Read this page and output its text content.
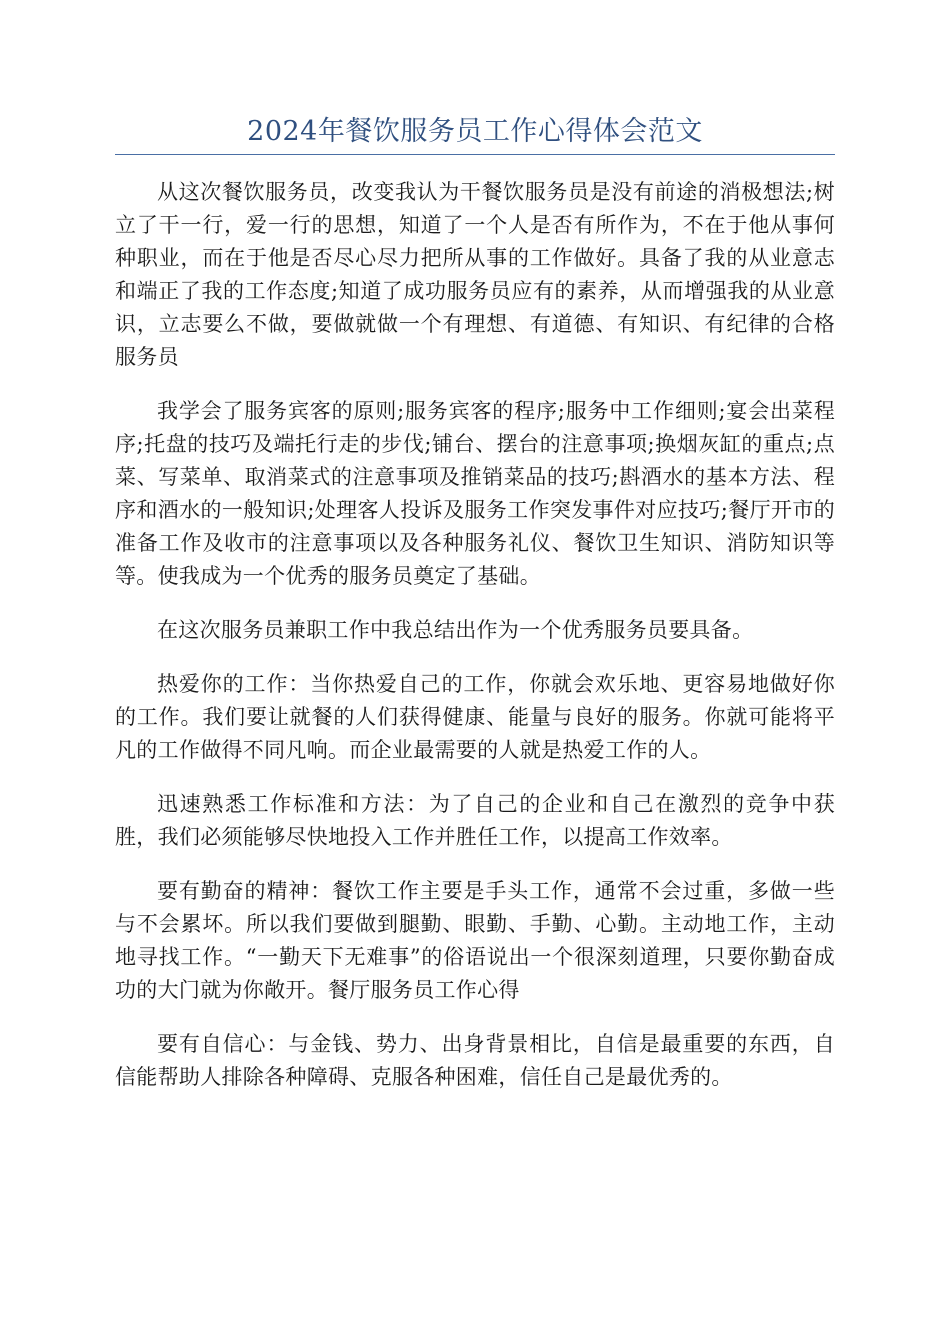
2024年餐饮服务员工作心得体会范文

从这次餐饮服务员，改变我认为干餐饮服务员是没有前途的消极想法;树立了干一行，爱一行的思想，知道了一个人是否有所作为，不在于他从事何种职业，而在于他是否尽心尽力把所从事的工作做好。具备了我的从业意志和端正了我的工作态度;知道了成功服务员应有的素养，从而增强我的从业意识，立志要么不做，要做就做一个有理想、有道德、有知识、有纪律的合格服务员

我学会了服务宾客的原则;服务宾客的程序;服务中工作细则;宴会出菜程序;托盘的技巧及端托行走的步伐;铺台、摆台的注意事项;换烟灰缸的重点;点菜、写菜单、取消菜式的注意事项及推销菜品的技巧;斟酒水的基本方法、程序和酒水的一般知识;处理客人投诉及服务工作突发事件对应技巧;餐厅开市的准备工作及收市的注意事项以及各种服务礼仪、餐饮卫生知识、消防知识等等。使我成为一个优秀的服务员奠定了基础。

在这次服务员兼职工作中我总结出作为一个优秀服务员要具备。

热爱你的工作：当你热爱自己的工作，你就会欢乐地、更容易地做好你的工作。我们要让就餐的人们获得健康、能量与良好的服务。你就可能将平凡的工作做得不同凡响。而企业最需要的人就是热爱工作的人。

迅速熟悉工作标准和方法：为了自己的企业和自己在激烈的竞争中获胜，我们必须能够尽快地投入工作并胜任工作，以提高工作效率。

要有勤奋的精神：餐饮工作主要是手头工作，通常不会过重，多做一些与不会累坏。所以我们要做到腿勤、眼勤、手勤、心勤。主动地工作，主动地寻找工作。“一勤天下无难事”的俗语说出一个很深刻道理，只要你勤奋成功的大门就为你敞开。餐厅服务员工作心得

要有自信心：与金钱、势力、出身背景相比，自信是最重要的东西，自信能帮助人排除各种障碍、克服各种困难，信任自己是最优秀的。
